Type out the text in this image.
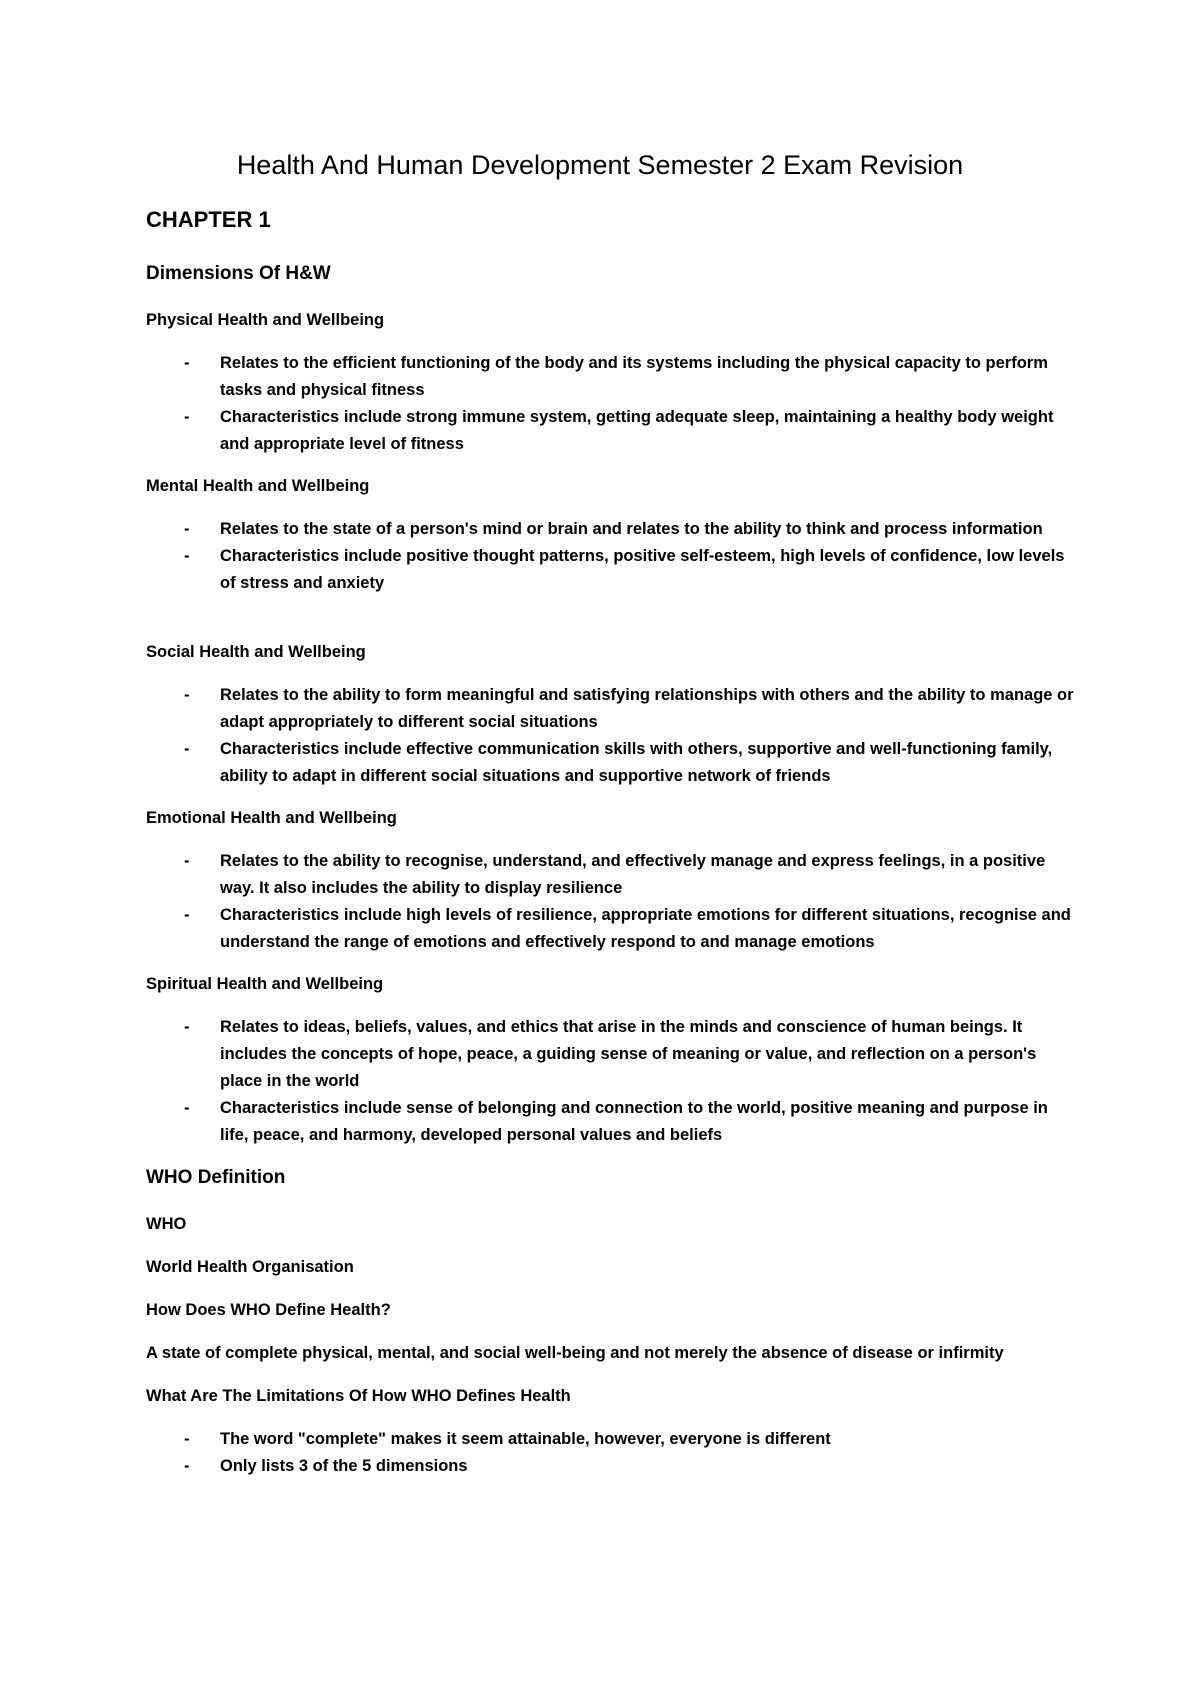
Health And Human Development Semester 2 Exam Revision
CHAPTER 1
Dimensions Of H&W
Physical Health and Wellbeing
- Relates to the efficient functioning of the body and its systems including the physical capacity to perform tasks and physical fitness
- Characteristics include strong immune system, getting adequate sleep, maintaining a healthy body weight and appropriate level of fitness
Mental Health and Wellbeing
- Relates to the state of a person's mind or brain and relates to the ability to think and process information
- Characteristics include positive thought patterns, positive self-esteem, high levels of confidence, low levels of stress and anxiety
Social Health and Wellbeing
- Relates to the ability to form meaningful and satisfying relationships with others and the ability to manage or adapt appropriately to different social situations
- Characteristics include effective communication skills with others, supportive and well-functioning family, ability to adapt in different social situations and supportive network of friends
Emotional Health and Wellbeing
- Relates to the ability to recognise, understand, and effectively manage and express feelings, in a positive way. It also includes the ability to display resilience
- Characteristics include high levels of resilience, appropriate emotions for different situations, recognise and understand the range of emotions and effectively respond to and manage emotions
Spiritual Health and Wellbeing
- Relates to ideas, beliefs, values, and ethics that arise in the minds and conscience of human beings. It includes the concepts of hope, peace, a guiding sense of meaning or value, and reflection on a person's place in the world
- Characteristics include sense of belonging and connection to the world, positive meaning and purpose in life, peace, and harmony, developed personal values and beliefs
WHO Definition
WHO
World Health Organisation
How Does WHO Define Health?
A state of complete physical, mental, and social well-being and not merely the absence of disease or infirmity
What Are The Limitations Of How WHO Defines Health
- The word "complete" makes it seem attainable, however, everyone is different
- Only lists 3 of the 5 dimensions
